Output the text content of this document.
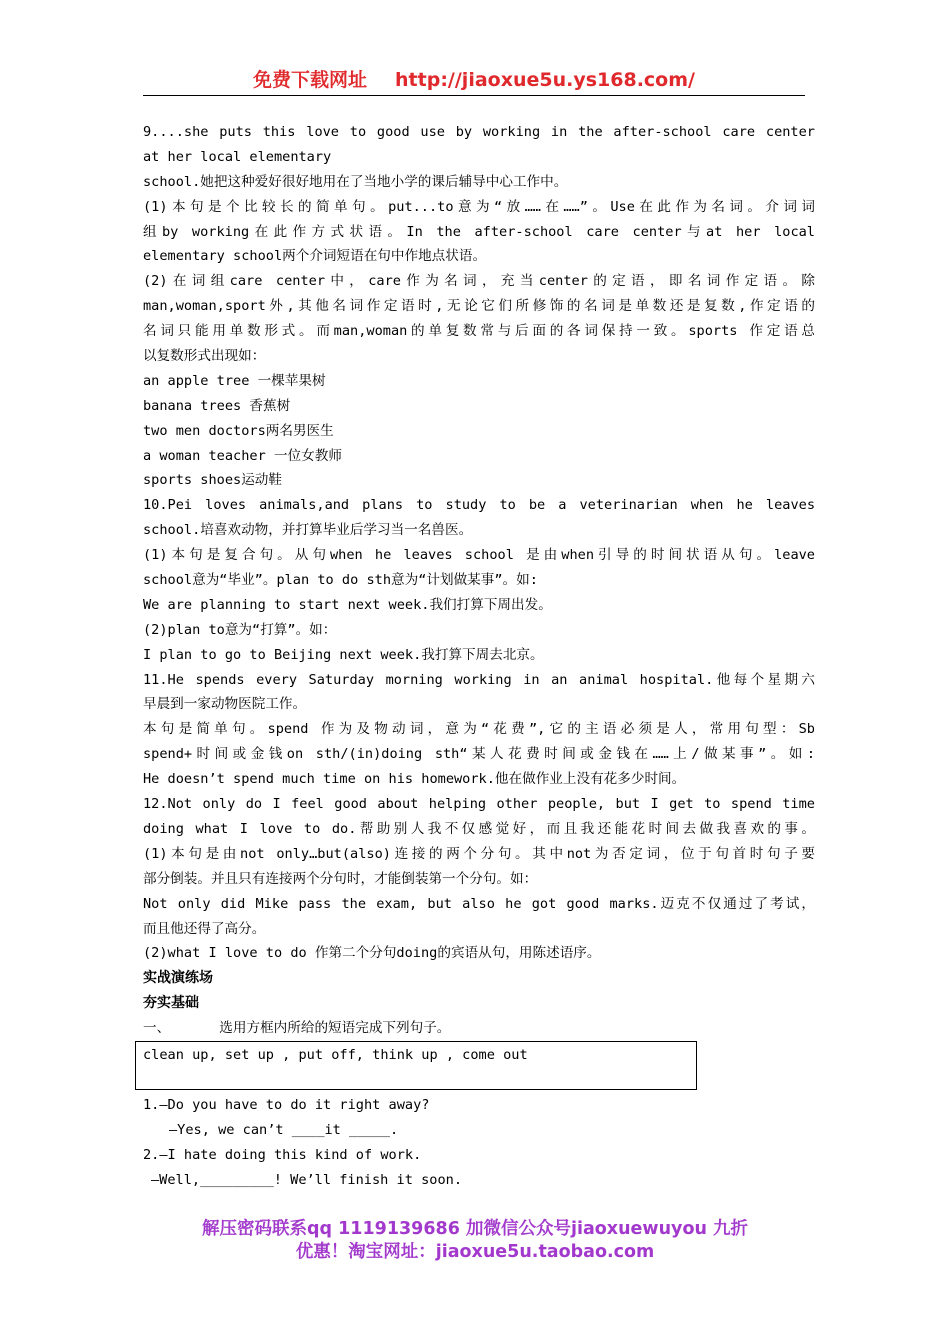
免费下载网址 http://jiaoxue5u.ys168.com/
9....she puts this love to good use by working in the after-school care center
at her local elementary
school.她把这种爱好很好地用在了当地小学的课后辅导中心工作中。
(1)本句是个比较长的简单句。put...to意为“放……在……”。Use在此作为名词。介词词
组by working在此作方式状语。In the after-school care center与at her local
elementary school两个介词短语在句中作地点状语。
(2)在词组care center中，care作为名词，充当center的定语，即名词作定语。除
man,woman,sport外,其他名词作定语时,无论它们所修饰的名词是单数还是复数,作定语的
名词只能用单数形式。而man,woman的单复数常与后面的各词保持一致。sports 作定语总
以复数形式出现如：
an apple tree 一棵苹果树
banana trees 香蕉树
two men doctors两名男医生
a woman teacher 一位女教师
sports shoes运动鞋
10.Pei loves animals,and plans to study to be a veterinarian when he leaves
school.培喜欢动物，并打算毕业后学习当一名兽医。
(1)本句是复合句。从句when he leaves school 是由when引导的时间状语从句。leave
school意为“毕业”。plan to do sth意为“计划做某事”。如:
We are planning to start next week.我们打算下周出发。
(2)plan to意为“打算”。如：
I plan to go to Beijing next week.我打算下周去北京。
11.He spends every Saturday morning working in an animal hospital.他每个星期六
早晨到一家动物医院工作。
本句是简单句。spend 作为及物动词，意为“花费”,它的主语必须是人，常用句型：Sb
spend+时间或金钱on sth/(in)doing sth“某人花费时间或金钱在……上/做某事”。如:
He doesn’t spend much time on his homework.他在做作业上没有花多少时间。
12.Not only do I feel good about helping other people, but I get to spend time
doing what I love to do.帮助别人我不仅感觉好，而且我还能花时间去做我喜欢的事。
(1)本句是由not only…but(also)连接的两个分句。其中not为否定词，位于句首时句子要
部分倒装。并且只有连接两个分句时，才能倒装第一个分句。如：
Not only did Mike pass the exam, but also he got good marks.迈克不仅通过了考试，
而且他还得了高分。
(2)what I love to do 作第二个分句doing的宾语从句，用陈述语序。
实战演练场
夯实基础
一、      选用方框内所给的短语完成下列句子。
clean up, set up , put off, think up , come out
1.—Do you have to do it right away?
—Yes, we can’t ____it _____.
2.—I hate doing this kind of work.
—Well,_________! We’ll finish it soon.
解压密码联系qq 1119139686 加微信公众号jiaoxuewuyou 九折
优惠！淘宝网址：jiaoxue5u.taobao.com
